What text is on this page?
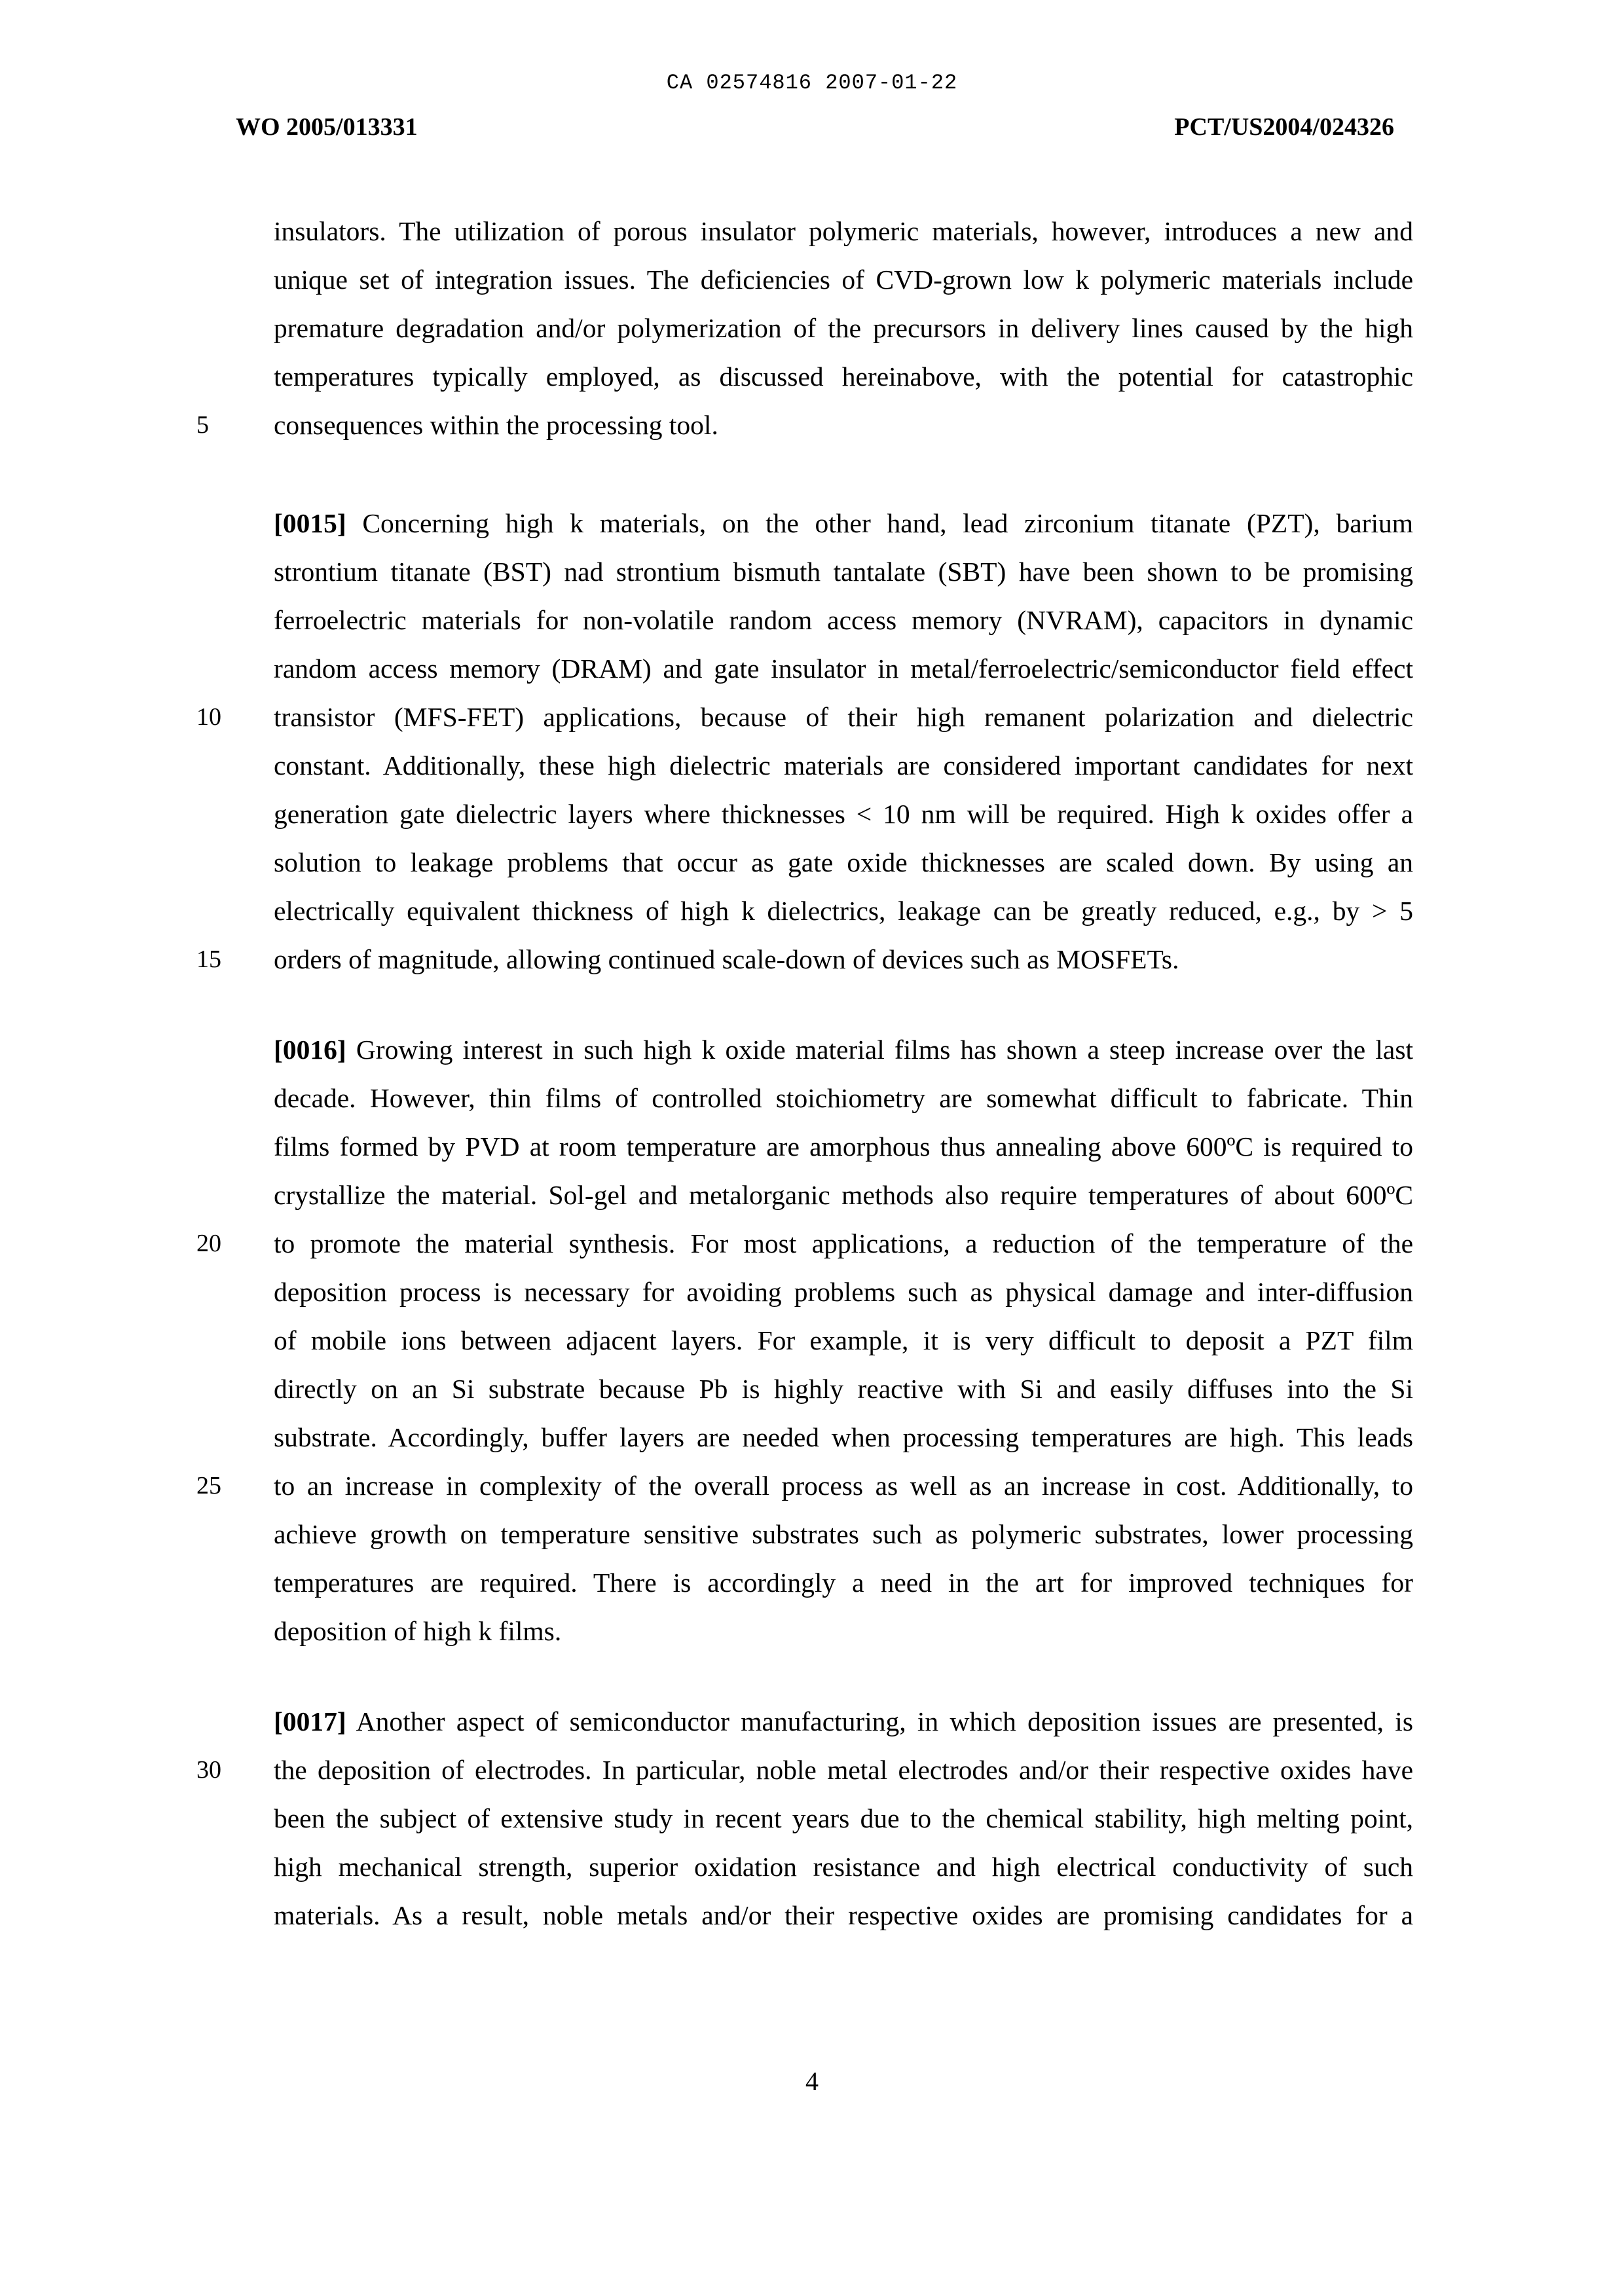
CA 02574816 2007-01-22
WO 2005/013331	PCT/US2004/024326
insulators. The utilization of porous insulator polymeric materials, however, introduces a new and
unique set of integration issues. The deficiencies of CVD-grown low k polymeric materials include
premature degradation and/or polymerization of the precursors in delivery lines caused by the high
temperatures typically employed, as discussed hereinabove, with the potential for catastrophic
consequences within the processing tool.
[0015] Concerning high k materials, on the other hand, lead zirconium titanate (PZT), barium
strontium titanate (BST) nad strontium bismuth tantalate (SBT) have been shown to be promising
ferroelectric materials for non-volatile random access memory (NVRAM), capacitors in dynamic
random access memory (DRAM) and gate insulator in metal/ferroelectric/semiconductor field effect
transistor (MFS-FET) applications, because of their high remanent polarization and dielectric
constant. Additionally, these high dielectric materials are considered important candidates for next
generation gate dielectric layers where thicknesses < 10 nm will be required. High k oxides offer a
solution to leakage problems that occur as gate oxide thicknesses are scaled down. By using an
electrically equivalent thickness of high k dielectrics, leakage can be greatly reduced, e.g., by > 5
orders of magnitude, allowing continued scale-down of devices such as MOSFETs.
[0016] Growing interest in such high k oxide material films has shown a steep increase over the last
decade. However, thin films of controlled stoichiometry are somewhat difficult to fabricate. Thin
films formed by PVD at room temperature are amorphous thus annealing above 600ºC is required to
crystallize the material. Sol-gel and metalorganic methods also require temperatures of about 600ºC
to promote the material synthesis. For most applications, a reduction of the temperature of the
deposition process is necessary for avoiding problems such as physical damage and inter-diffusion
of mobile ions between adjacent layers. For example, it is very difficult to deposit a PZT film
directly on an Si substrate because Pb is highly reactive with Si and easily diffuses into the Si
substrate. Accordingly, buffer layers are needed when processing temperatures are high. This leads
to an increase in complexity of the overall process as well as an increase in cost. Additionally, to
achieve growth on temperature sensitive substrates such as polymeric substrates, lower processing
temperatures are required. There is accordingly a need in the art for improved techniques for
deposition of high k films.
[0017] Another aspect of semiconductor manufacturing, in which deposition issues are presented, is
the deposition of electrodes. In particular, noble metal electrodes and/or their respective oxides have
been the subject of extensive study in recent years due to the chemical stability, high melting point,
high mechanical strength, superior oxidation resistance and high electrical conductivity of such
materials. As a result, noble metals and/or their respective oxides are promising candidates for a
5
10
15
20
25
30
4
